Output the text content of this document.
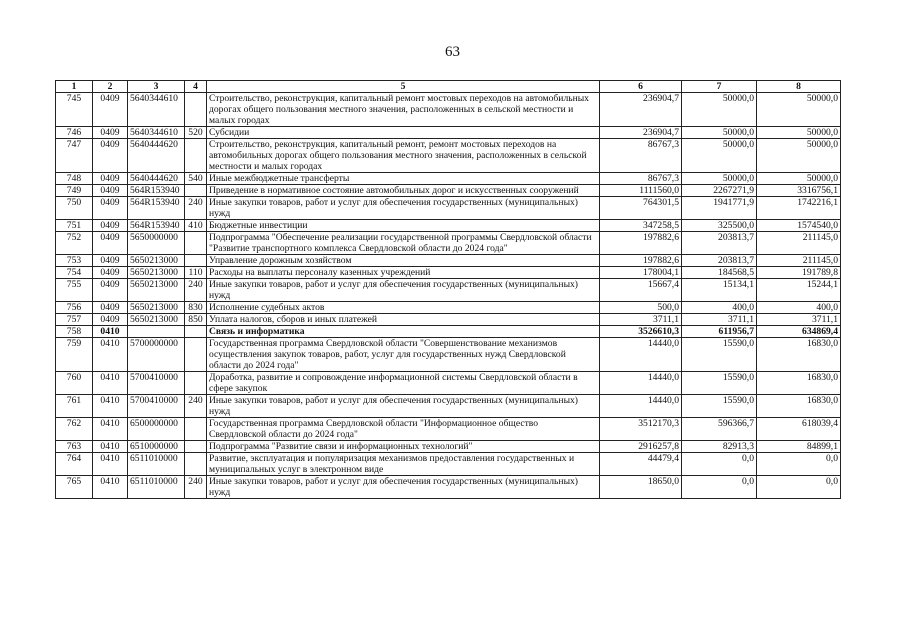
63
1	2	3	4	5	6	7	8
745	0409	5640344610		Строительство, реконструкция, капитальный ремонт мостовых переходов на автомобильных дорогах общего пользования местного значения, расположенных в сельской местности и малых городах	236904,7	50000,0	50000,0
746	0409	5640344610	520	Субсидии	236904,7	50000,0	50000,0
747	0409	5640444620		Строительство, реконструкция, капитальный ремонт, ремонт мостовых переходов на автомобильных дорогах общего пользования местного значения, расположенных в сельской местности и малых городах	86767,3	50000,0	50000,0
748	0409	5640444620	540	Иные межбюджетные трансферты	86767,3	50000,0	50000,0
749	0409	564R153940		Приведение в нормативное состояние автомобильных дорог и искусственных сооружений	1111560,0	2267271,9	3316756,1
750	0409	564R153940	240	Иные закупки товаров, работ и услуг для обеспечения государственных (муниципальных) нужд	764301,5	1941771,9	1742216,1
751	0409	564R153940	410	Бюджетные инвестиции	347258,5	325500,0	1574540,0
752	0409	5650000000		Подпрограмма "Обеспечение реализации государственной программы Свердловской области "Развитие транспортного комплекса Свердловской области до 2024 года"	197882,6	203813,7	211145,0
753	0409	5650213000		Управление дорожным хозяйством	197882,6	203813,7	211145,0
754	0409	5650213000	110	Расходы на выплаты персоналу казенных учреждений	178004,1	184568,5	191789,8
755	0409	5650213000	240	Иные закупки товаров, работ и услуг для обеспечения государственных (муниципальных) нужд	15667,4	15134,1	15244,1
756	0409	5650213000	830	Исполнение судебных актов	500,0	400,0	400,0
757	0409	5650213000	850	Уплата налогов, сборов и иных платежей	3711,1	3711,1	3711,1
758	0410			Связь и информатика	3526610,3	611956,7	634869,4
759	0410	5700000000		Государственная программа Свердловской области "Совершенствование механизмов осуществления закупок товаров, работ, услуг для государственных нужд Свердловской области до 2024 года"	14440,0	15590,0	16830,0
760	0410	5700410000		Доработка, развитие и сопровождение информационной системы Свердловской области в сфере закупок	14440,0	15590,0	16830,0
761	0410	5700410000	240	Иные закупки товаров, работ и услуг для обеспечения государственных (муниципальных) нужд	14440,0	15590,0	16830,0
762	0410	6500000000		Государственная программа Свердловской области "Информационное общество Свердловской области до 2024 года"	3512170,3	596366,7	618039,4
763	0410	6510000000		Подпрограмма "Развитие связи и информационных технологий"	2916257,8	82913,3	84899,1
764	0410	6511010000		Развитие, эксплуатация и популяризация механизмов предоставления государственных и муниципальных услуг в электронном виде	44479,4	0,0	0,0
765	0410	6511010000	240	Иные закупки товаров, работ и услуг для обеспечения государственных (муниципальных) нужд	18650,0	0,0	0,0
